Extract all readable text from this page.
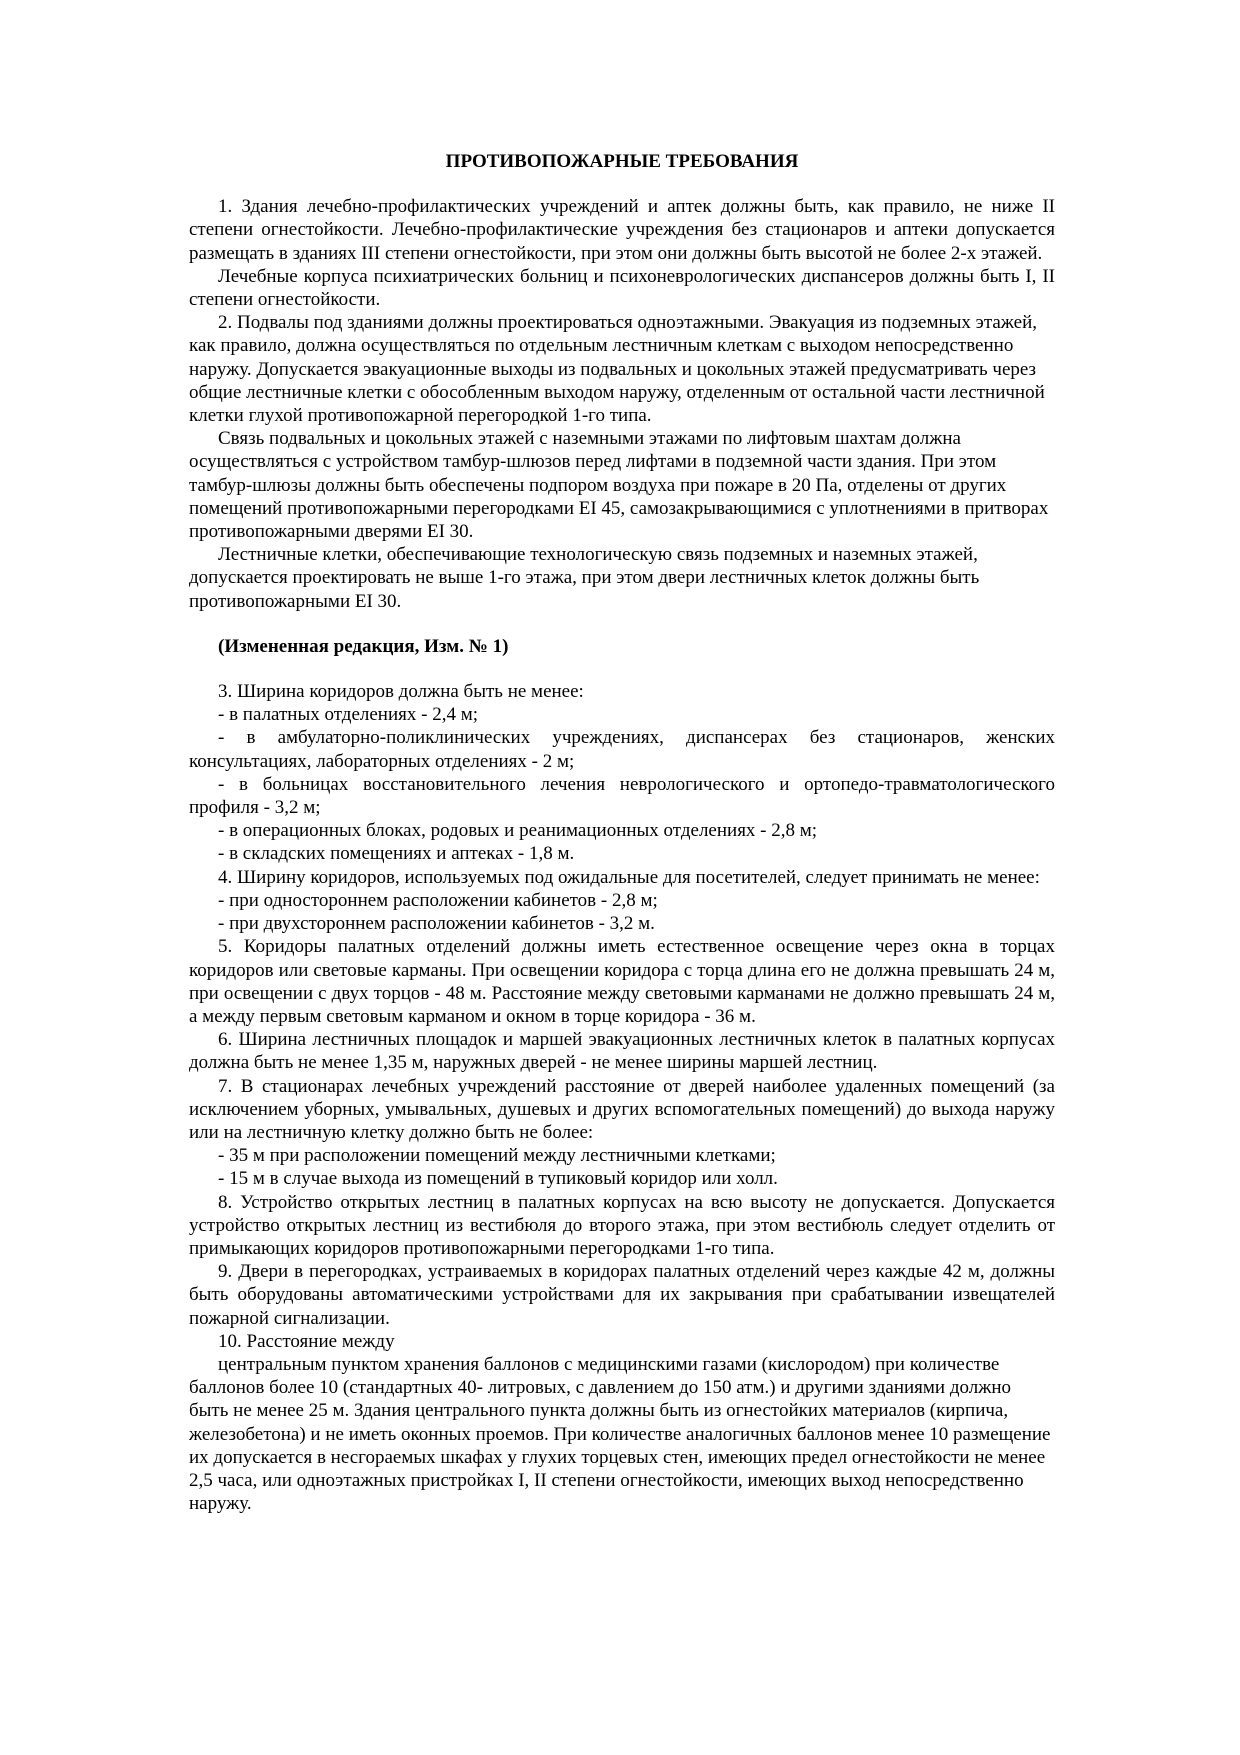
ПРОТИВОПОЖАРНЫЕ ТРЕБОВАНИЯ

1. Здания лечебно-профилактических учреждений и аптек должны быть, как правило, не ниже II степени огнестойкости. Лечебно-профилактические учреждения без стационаров и аптеки допускается размещать в зданиях III степени огнестойкости, при этом они должны быть высотой не более 2-х этажей.

Лечебные корпуса психиатрических больниц и психоневрологических диспансеров должны быть I, II степени огнестойкости.

2. Подвалы под зданиями должны проектироваться одноэтажными. Эвакуация из подземных этажей, как правило, должна осуществляться по отдельным лестничным клеткам с выходом непосредственно наружу. Допускается эвакуационные выходы из подвальных и цокольных этажей предусматривать через общие лестничные клетки с обособленным выходом наружу, отделенным от остальной части лестничной клетки глухой противопожарной перегородкой 1-го типа.

Связь подвальных и цокольных этажей с наземными этажами по лифтовым шахтам должна осуществляться с устройством тамбур-шлюзов перед лифтами в подземной части здания. При этом тамбур-шлюзы должны быть обеспечены подпором воздуха при пожаре в 20 Па, отделены от других помещений противопожарными перегородками EI 45, самозакрывающимися с уплотнениями в притворах противопожарными дверями EI 30.

Лестничные клетки, обеспечивающие технологическую связь подземных и наземных этажей, допускается проектировать не выше 1-го этажа, при этом двери лестничных клеток должны быть противопожарными EI 30.

(Измененная редакция, Изм. № 1)

3. Ширина коридоров должна быть не менее:

- в палатных отделениях - 2,4 м;

- в амбулаторно-поликлинических учреждениях, диспансерах без стационаров, женских консультациях, лабораторных отделениях - 2 м;

- в больницах восстановительного лечения неврологического и ортопедо-травматологического профиля - 3,2 м;

- в операционных блоках, родовых и реанимационных отделениях - 2,8 м;

- в складских помещениях и аптеках - 1,8 м.

4. Ширину коридоров, используемых под ожидальные для посетителей, следует принимать не менее:

- при одностороннем расположении кабинетов - 2,8 м;

- при двухстороннем расположении кабинетов - 3,2 м.

5. Коридоры палатных отделений должны иметь естественное освещение через окна в торцах коридоров или световые карманы. При освещении коридора с торца длина его не должна превышать 24 м, при освещении с двух торцов - 48 м. Расстояние между световыми карманами не должно превышать 24 м, а между первым световым карманом и окном в торце коридора - 36 м.

6. Ширина лестничных площадок и маршей эвакуационных лестничных клеток в палатных корпусах должна быть не менее 1,35 м, наружных дверей - не менее ширины маршей лестниц.

7. В стационарах лечебных учреждений расстояние от дверей наиболее удаленных помещений (за исключением уборных, умывальных, душевых и других вспомогательных помещений) до выхода наружу или на лестничную клетку должно быть не более:

- 35 м при расположении помещений между лестничными клетками;

- 15 м в случае выхода из помещений в тупиковый коридор или холл.

8. Устройство открытых лестниц в палатных корпусах на всю высоту не допускается. Допускается устройство открытых лестниц из вестибюля до второго этажа, при этом вестибюль следует отделить от примыкающих коридоров противопожарными перегородками 1-го типа.

9. Двери в перегородках, устраиваемых в коридорах палатных отделений через каждые 42 м, должны быть оборудованы автоматическими устройствами для их закрывания при срабатывании извещателей пожарной сигнализации.

10. Расстояние между

центральным пунктом хранения баллонов с медицинскими газами (кислородом) при количестве баллонов более 10 (стандартных 40- литровых, с давлением до 150 атм.) и другими зданиями должно быть не менее 25 м. Здания центрального пункта должны быть из огнестойких материалов (кирпича, железобетона) и не иметь оконных проемов. При количестве аналогичных баллонов менее 10 размещение их допускается в несгораемых шкафах у глухих торцевых стен, имеющих предел огнестойкости не менее 2,5 часа, или одноэтажных пристройках I, II степени огнестойкости, имеющих выход непосредственно наружу.
